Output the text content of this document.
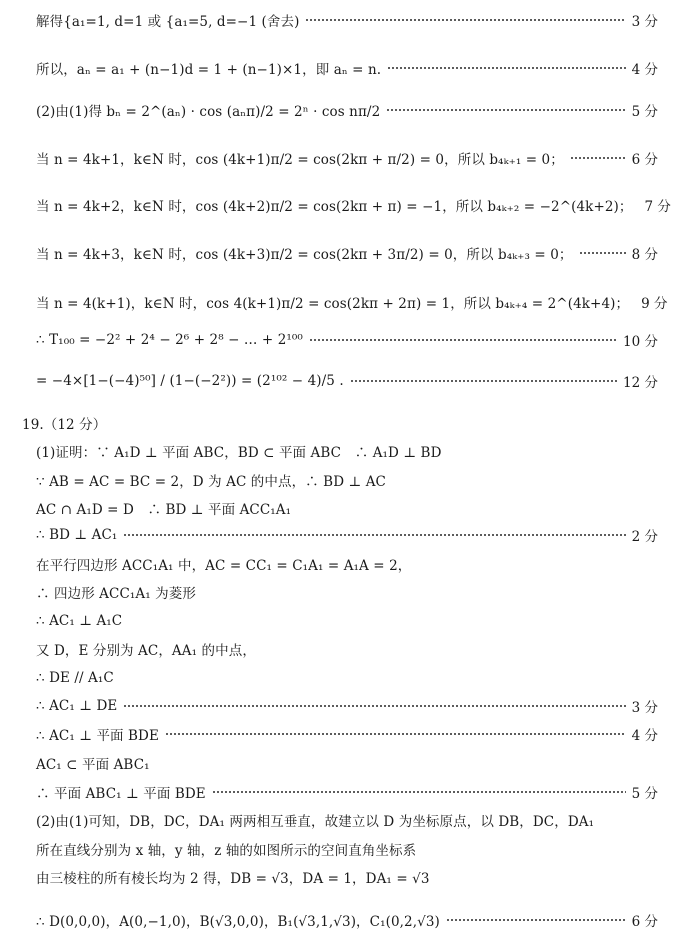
解得{a₁=1, d=1 或 {a₁=5, d=−1 (舍去)	3 分
所以，aₙ = a₁ + (n−1)d = 1 + (n−1)×1，即 aₙ = n.	4 分
(2)由(1)得 bₙ = 2^(aₙ) · cos (aₙπ)/2 = 2ⁿ · cos nπ/2	5 分
当 n = 4k+1，k∈N 时，cos (4k+1)π/2 = cos(2kπ + π/2) = 0，所以 b₄ₖ₊₁ = 0；	6 分
当 n = 4k+2，k∈N 时，cos (4k+2)π/2 = cos(2kπ + π) = −1，所以 b₄ₖ₊₂ = −2^(4k+2)； 7 分
当 n = 4k+3，k∈N 时，cos (4k+3)π/2 = cos(2kπ + 3π/2) = 0，所以 b₄ₖ₊₃ = 0；	8 分
当 n = 4(k+1)，k∈N 时，cos 4(k+1)π/2 = cos(2kπ + 2π) = 1，所以 b₄ₖ₊₄ = 2^(4k+4)； 9 分
∴ T₁₀₀ = −2² + 2⁴ − 2⁶ + 2⁸ − … + 2¹⁰⁰	10 分
= −4×[1−(−4)⁵⁰] / (1−(−2²)) = (2¹⁰² − 4)/5 .	12 分
19.（12 分）
(1)证明：∵ A₁D ⊥ 平面 ABC，BD ⊂ 平面 ABC　∴ A₁D ⊥ BD
∵ AB = AC = BC = 2，D 为 AC 的中点，∴ BD ⊥ AC
AC ∩ A₁D = D　∴ BD ⊥ 平面 ACC₁A₁
∴ BD ⊥ AC₁	2 分
在平行四边形 ACC₁A₁ 中，AC = CC₁ = C₁A₁ = A₁A = 2，
∴ 四边形 ACC₁A₁ 为菱形
∴ AC₁ ⊥ A₁C
又 D，E 分别为 AC，AA₁ 的中点，
∴ DE // A₁C
∴ AC₁ ⊥ DE	3 分
∴ AC₁ ⊥ 平面 BDE	4 分
AC₁ ⊂ 平面 ABC₁
∴ 平面 ABC₁ ⊥ 平面 BDE	5 分
(2)由(1)可知，DB，DC，DA₁ 两两相互垂直，故建立以 D 为坐标原点，以 DB，DC，DA₁
所在直线分别为 x 轴，y 轴，z 轴的如图所示的空间直角坐标系
由三棱柱的所有棱长均为 2 得，DB = √3，DA = 1，DA₁ = √3
∴ D(0,0,0)，A(0,−1,0)，B(√3,0,0)，B₁(√3,1,√3)，C₁(0,2,√3)	6 分
